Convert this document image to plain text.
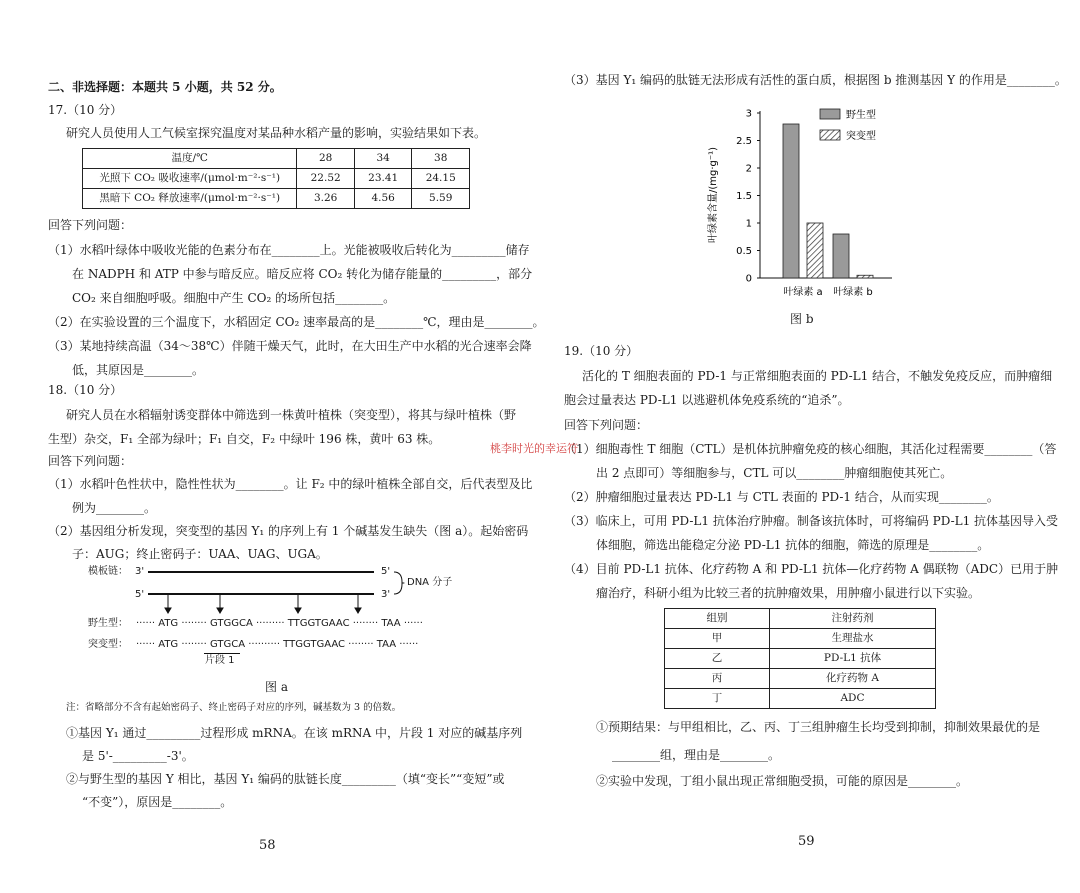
二、非选择题：本题共 5 小题，共 52 分。
17.（10 分）
研究人员使用人工气候室探究温度对某品种水稻产量的影响，实验结果如下表。
温度/℃	28	34	38
光照下 CO₂ 吸收速率/(μmol·m⁻²·s⁻¹)	22.52	23.41	24.15
黑暗下 CO₂ 释放速率/(μmol·m⁻²·s⁻¹)	3.26	4.56	5.59
回答下列问题：
（1）水稻叶绿体中吸收光能的色素分布在________上。光能被吸收后转化为_________储存
在 NADPH 和 ATP 中参与暗反应。暗反应将 CO₂ 转化为储存能量的_________，部分
CO₂ 来自细胞呼吸。细胞中产生 CO₂ 的场所包括________。
（2）在实验设置的三个温度下，水稻固定 CO₂ 速率最高的是________℃，理由是________。
（3）某地持续高温（34～38℃）伴随干燥天气，此时，在大田生产中水稻的光合速率会降
低，其原因是________。
18.（10 分）
研究人员在水稻辐射诱变群体中筛选到一株黄叶植株（突变型），将其与绿叶植株（野
生型）杂交，F₁ 全部为绿叶；F₁ 自交，F₂ 中绿叶 196 株，黄叶 63 株。
回答下列问题：
（1）水稻叶色性状中，隐性性状为________。让 F₂ 中的绿叶植株全部自交，后代表型及比
例为________。
（2）基因组分析发现，突变型的基因 Y₁ 的序列上有 1 个碱基发生缺失（图 a）。起始密码
子：AUG；终止密码子：UAA、UAG、UGA。
模板链： 3'	5'
5'	3'
DNA 分子
野生型： ······ ATG ········ GTGGCA ········· TTGGTGAAC ········ TAA ······
突变型： ······ ATG ········ GTGCA ·········· TTGGTGAAC ········ TAA ······
片段 1
图 a
注：省略部分不含有起始密码子、终止密码子对应的序列，碱基数为 3 的倍数。
①基因 Y₁ 通过_________过程形成 mRNA。在该 mRNA 中，片段 1 对应的碱基序列
是 5'-_________-3'。
②与野生型的基因 Y 相比，基因 Y₁ 编码的肽链长度_________（填“变长”“变短”或
“不变”），原因是________。
58
（3）基因 Y₁ 编码的肽链无法形成有活性的蛋白质，根据图 b 推测基因 Y 的作用是________。
0
0.5
1
1.5
2
2.5
3	野生型
突变型
叶绿素含量/(mg·g⁻¹)
叶绿素 a 叶绿素 b
图 b
19.（10 分）
活化的 T 细胞表面的 PD-1 与正常细胞表面的 PD-L1 结合，不触发免疫反应，而肿瘤细
胞会过量表达 PD-L1 以逃避机体免疫系统的“追杀”。
回答下列问题：
（1）细胞毒性 T 细胞（CTL）是机体抗肿瘤免疫的核心细胞，其活化过程需要________（答
出 2 点即可）等细胞参与，CTL 可以________肿瘤细胞使其死亡。
（2）肿瘤细胞过量表达 PD-L1 与 CTL 表面的 PD-1 结合，从而实现________。
（3）临床上，可用 PD-L1 抗体治疗肿瘤。制备该抗体时，可将编码 PD-L1 抗体基因导入受
体细胞，筛选出能稳定分泌 PD-L1 抗体的细胞，筛选的原理是________。
（4）目前 PD-L1 抗体、化疗药物 A 和 PD-L1 抗体—化疗药物 A 偶联物（ADC）已用于肿
瘤治疗，科研小组为比较三者的抗肿瘤效果，用肿瘤小鼠进行以下实验。
组别	注射药剂
甲	生理盐水
乙	PD-L1 抗体
丙	化疗药物 A
丁	ADC
①预期结果：与甲组相比，乙、丙、丁三组肿瘤生长均受到抑制，抑制效果最优的是
________组，理由是________。
②实验中发现，丁组小鼠出现正常细胞受损，可能的原因是________。
59
桃李时光的幸运符
